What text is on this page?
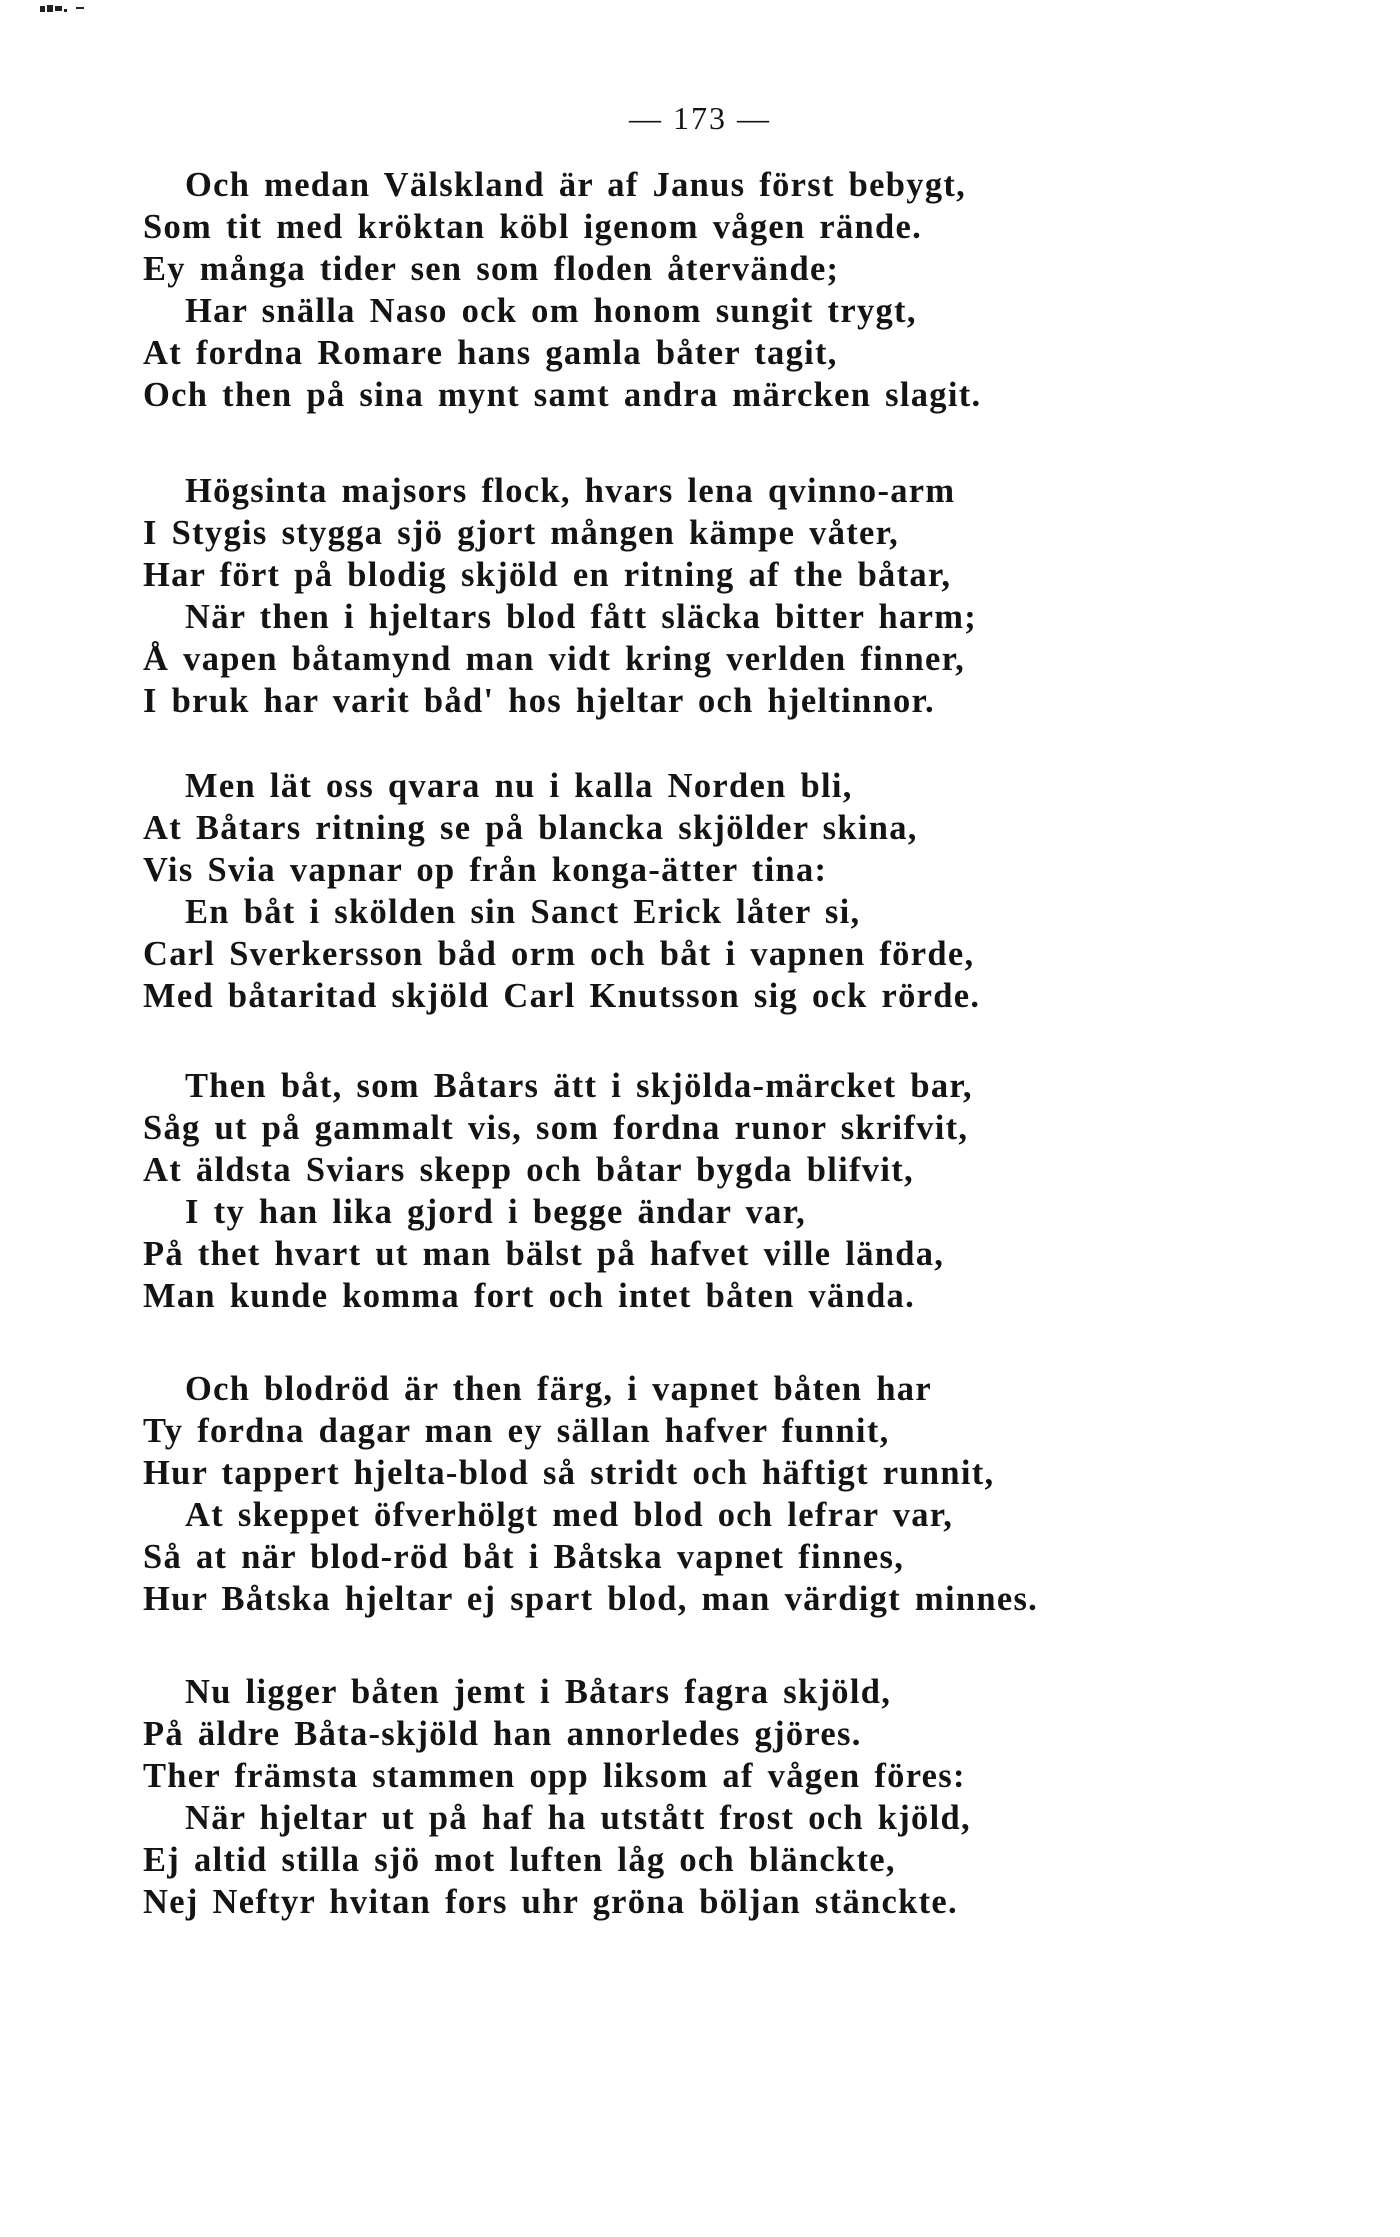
— 173 —
Och medan Välskland är af Janus först bebygt,
Som tit med kröktan köbl igenom vågen rände.
Ey många tider sen som floden återvände;
Har snälla Naso ock om honom sungit trygt,
At fordna Romare hans gamla båter tagit,
Och then på sina mynt samt andra märcken slagit.
Högsinta majsors flock, hvars lena qvinno-arm
I Stygis stygga sjö gjort mången kämpe våter,
Har fört på blodig skjöld en ritning af the båtar,
När then i hjeltars blod fått släcka bitter harm;
Å vapen båtamynd man vidt kring verlden finner,
I bruk har varit båd' hos hjeltar och hjeltinnor.
Men lät oss qvara nu i kalla Norden bli,
At Båtars ritning se på blancka skjölder skina,
Vis Svia vapnar op från konga-ätter tina:
En båt i skölden sin Sanct Erick låter si,
Carl Sverkersson båd orm och båt i vapnen förde,
Med båtaritad skjöld Carl Knutsson sig ock rörde.
Then båt, som Båtars ätt i skjölda-märcket bar,
Såg ut på gammalt vis, som fordna runor skrifvit,
At äldsta Sviars skepp och båtar bygda blifvit,
I ty han lika gjord i begge ändar var,
På thet hvart ut man bälst på hafvet ville lända,
Man kunde komma fort och intet båten vända.
Och blodröd är then färg, i vapnet båten har
Ty fordna dagar man ey sällan hafver funnit,
Hur tappert hjelta-blod så stridt och häftigt runnit,
At skeppet öfverhölgt med blod och lefrar var,
Så at när blod-röd båt i Båtska vapnet finnes,
Hur Båtska hjeltar ej spart blod, man värdigt minnes.
Nu ligger båten jemt i Båtars fagra skjöld,
På äldre Båta-skjöld han annorledes gjöres.
Ther främsta stammen opp liksom af vågen föres:
När hjeltar ut på haf ha utstått frost och kjöld,
Ej altid stilla sjö mot luften låg och blänckte,
Nej Neftyr hvitan fors uhr gröna böljan stänckte.
